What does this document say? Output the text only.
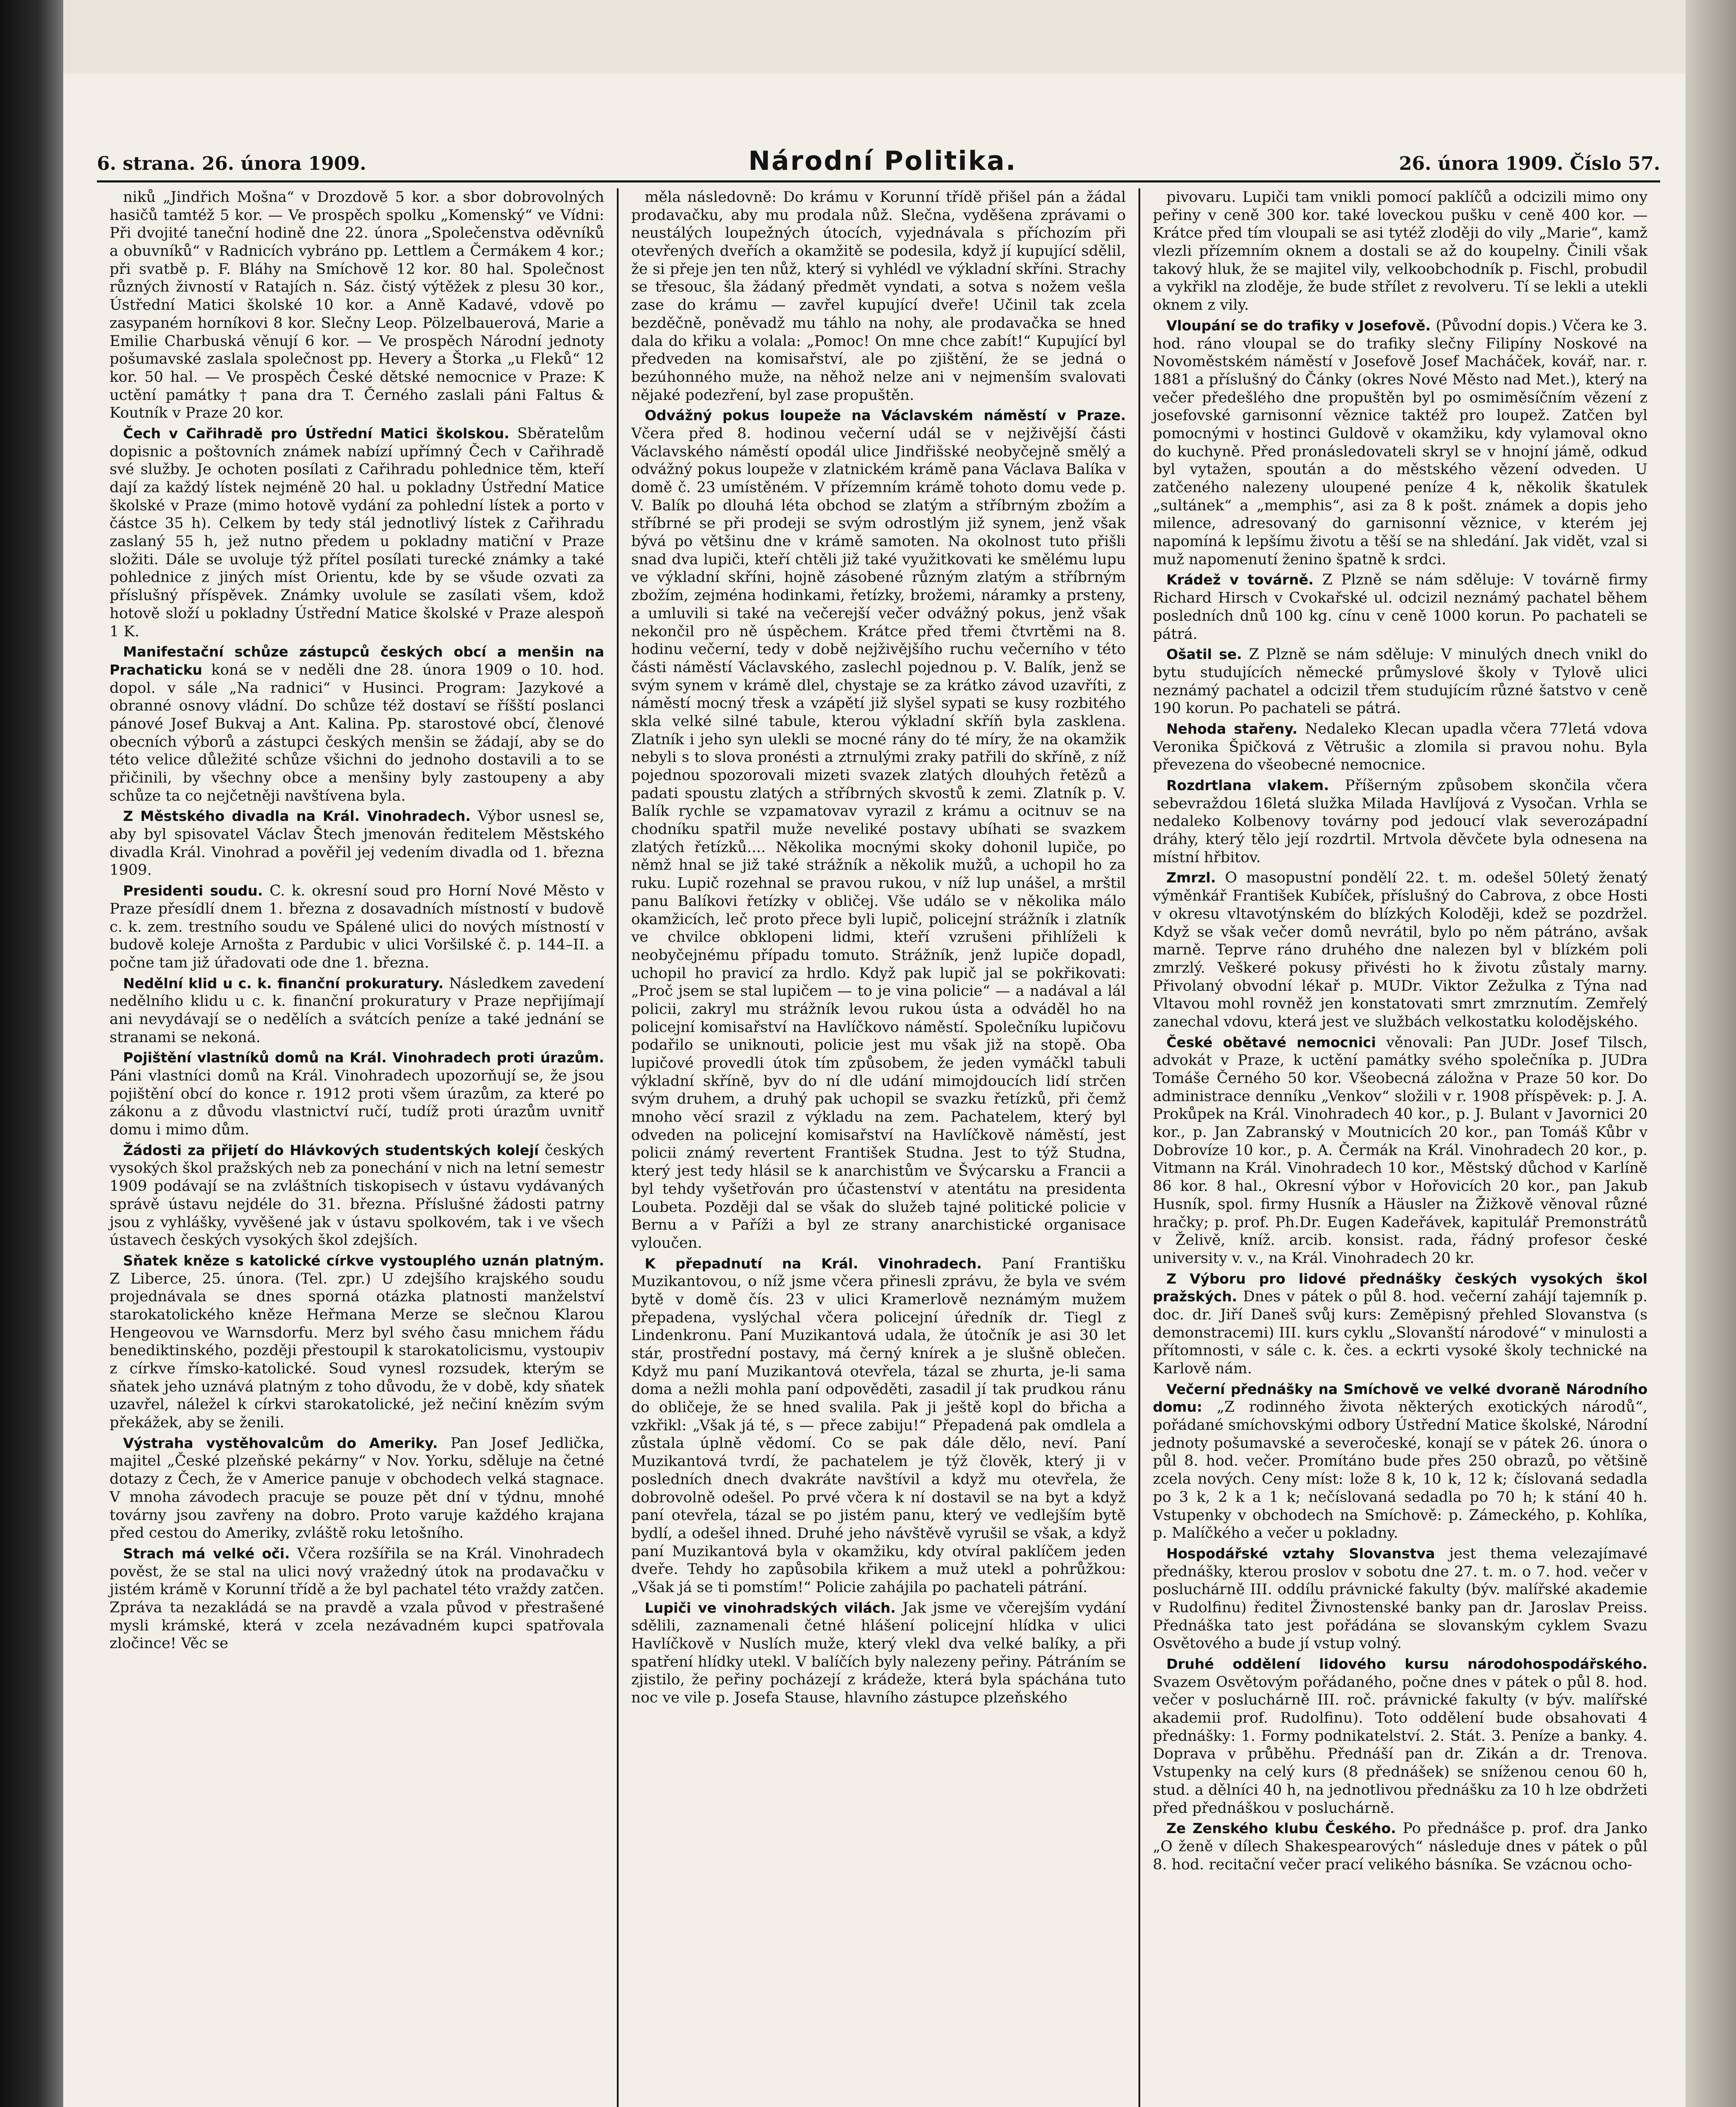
6. strana. 26. února 1909.	Národní Politika.	26. února 1909. Číslo 57.

niků „Jindřich Mošna“ v Drozdově 5 kor. a sbor dobrovolných hasičů tamtéž 5 kor. — Ve prospěch spolku „Komenský“ ve Vídni: Při dvojité taneční hodině dne 22. února „Společenstva oděvníků a obuvníků“ v Radnicích vybráno pp. Lettlem a Čermákem 4 kor.; při svatbě p. F. Bláhy na Smíchově 12 kor. 80 hal. Společnost různých živností v Ratajích n. Sáz. čistý výtěžek z plesu 30 kor., Ústřední Matici školské 10 kor. a Anně Kadavé, vdově po zasypaném horníkovi 8 kor. Slečny Leop. Pölzelbauerová, Marie a Emilie Charbuská věnují 6 kor. — Ve prospěch Národní jednoty pošumavské zaslala společnost pp. Hevery a Štorka „u Fleků“ 12 kor. 50 hal. — Ve prospěch České dětské nemocnice v Praze: K uctění památky † pana dra T. Černého zaslali páni Faltus & Koutník v Praze 20 kor.

Čech v Cařihradě pro Ústřední Matici školskou. Sběratelům dopisnic a poštovních známek nabízí upřímný Čech v Cařihradě své služby. Je ochoten posílati z Cařihradu pohlednice těm, kteří dají za každý lístek nejméně 20 hal. u pokladny Ústřední Matice školské v Praze (mimo hotově vydání za pohlední lístek a porto v částce 35 h). Celkem by tedy stál jednotlivý lístek z Cařihradu zaslaný 55 h, jež nutno předem u pokladny matiční v Praze složiti. Dále se uvoluje týž přítel posílati turecké známky a také pohlednice z jiných míst Orientu, kde by se všude ozvati za příslušný příspěvek. Známky uvolule se zasílati všem, kdož hotově složí u pokladny Ústřední Matice školské v Praze alespoň 1 K.

Manifestační schůze zástupců českých obcí a menšin na Prachaticku koná se v neděli dne 28. února 1909 o 10. hod. dopol. v sále „Na radnici“ v Husinci. Program: Jazykové a obranné osnovy vládní. Do schůze též dostaví se říšští poslanci pánové Josef Bukvaj a Ant. Kalina. Pp. starostové obcí, členové obecních výborů a zástupci českých menšin se žádají, aby se do této velice důležité schůze všichni do jednoho dostavili a to se přičinili, by všechny obce a menšiny byly zastoupeny a aby schůze ta co nejčetněji navštívena byla.

Z Městského divadla na Král. Vinohradech. Výbor usnesl se, aby byl spisovatel Václav Štech jmenován ředitelem Městského divadla Král. Vinohrad a pověřil jej vedením divadla od 1. března 1909.

Presidenti soudu. C. k. okresní soud pro Horní Nové Město v Praze přesídlí dnem 1. března z dosavadních místností v budově c. k. zem. trestního soudu ve Spálené ulici do nových místností v budově koleje Arnošta z Pardubic v ulici Voršilské č. p. 144–II. a počne tam již úřadovati ode dne 1. března.

Nedělní klid u c. k. finanční prokuratury. Následkem zavedení nedělního klidu u c. k. finanční prokuratury v Praze nepřijímají ani nevydávají se o nedělích a svátcích peníze a také jednání se stranami se nekoná.

Pojištění vlastníků domů na Král. Vinohradech proti úrazům. Páni vlastníci domů na Král. Vinohradech upozorňují se, že jsou pojištění obcí do konce r. 1912 proti všem úrazům, za které po zákonu a z důvodu vlastnictví ručí, tudíž proti úrazům uvnitř domu i mimo dům.

Žádosti za přijetí do Hlávkových studentských kolejí českých vysokých škol pražských neb za ponechání v nich na letní semestr 1909 podávají se na zvláštních tiskopisech v ústavu vydávaných správě ústavu nejdéle do 31. března. Příslušné žádosti patrny jsou z vyhlášky, vyvěšené jak v ústavu spolkovém, tak i ve všech ústavech českých vysokých škol zdejších.

Sňatek kněze s katolické církve vystouplého uznán platným. Z Liberce, 25. února. (Tel. zpr.) U zdejšího krajského soudu projednávala se dnes sporná otázka platnosti manželství starokatolického kněze Heřmana Merze se slečnou Klarou Hengeovou ve Warnsdorfu. Merz byl svého času mnichem řádu benediktinského, později přestoupil k starokatolicismu, vystoupiv z církve římsko-katolické. Soud vynesl rozsudek, kterým se sňatek jeho uznává platným z toho důvodu, že v době, kdy sňatek uzavřel, náležel k církvi starokatolické, jež nečiní knězím svým překážek, aby se ženili.

Výstraha vystěhovalcům do Ameriky. Pan Josef Jedlička, majitel „České plzeňské pekárny“ v Nov. Yorku, sděluje na četné dotazy z Čech, že v Americe panuje v obchodech velká stagnace. V mnoha závodech pracuje se pouze pět dní v týdnu, mnohé továrny jsou zavřeny na dobro. Proto varuje každého krajana před cestou do Ameriky, zvláště roku letošního.

Strach má velké oči. Včera rozšířila se na Král. Vinohradech pověst, že se stal na ulici nový vražedný útok na prodavačku v jistém krámě v Korunní třídě a že byl pachatel této vraždy zatčen. Zpráva ta nezakládá se na pravdě a vzala původ v přestrašené mysli krámské, která v zcela nezávadném kupci spatřovala zločince! Věc se

měla následovně: Do krámu v Korunní třídě přišel pán a žádal prodavačku, aby mu prodala nůž. Slečna, vyděšena zprávami o neustálých loupežných útocích, vyjednávala s příchozím při otevřených dveřích a okamžitě se podesila, když jí kupující sdělil, že si přeje jen ten nůž, který si vyhlédl ve výkladní skříni. Strachy se třesouc, šla žádaný předmět vyndati, a sotva s nožem vešla zase do krámu — zavřel kupující dveře! Učinil tak zcela bezděčně, poněvadž mu táhlo na nohy, ale prodavačka se hned dala do křiku a volala: „Pomoc! On mne chce zabít!“ Kupující byl předveden na komisařství, ale po zjištění, že se jedná o bezúhonného muže, na něhož nelze ani v nejmenším svalovati nějaké podezření, byl zase propuštěn.

Odvážný pokus loupeže na Václavském náměstí v Praze. Včera před 8. hodinou večerní udál se v nejživější části Václavského náměstí opodál ulice Jindřišské neobyčejně smělý a odvážný pokus loupeže v zlatnickém krámě pana Václava Balíka v domě č. 23 umístěném. V přízemním krámě tohoto domu vede p. V. Balík po dlouhá léta obchod se zlatým a stříbrným zbožím a stříbrné se při prodeji se svým odrostlým již synem, jenž však bývá po většinu dne v krámě samoten. Na okolnost tuto přišli snad dva lupiči, kteří chtěli již také využitkovati ke smělému lupu ve výkladní skříni, hojně zásobené různým zlatým a stříbrným zbožím, zejména hodinkami, řetízky, brožemi, náramky a prsteny, a umluvili si také na večerejší večer odvážný pokus, jenž však nekončil pro ně úspěchem. Krátce před třemi čtvrtěmi na 8. hodinu večerní, tedy v době nejživějšího ruchu večerního v této části náměstí Václavského, zaslechl pojednou p. V. Balík, jenž se svým synem v krámě dlel, chystaje se za krátko závod uzavříti, z náměstí mocný třesk a vzápětí již slyšel sypati se kusy rozbitého skla velké silné tabule, kterou výkladní skříň byla zasklena. Zlatník i jeho syn ulekli se mocné rány do té míry, že na okamžik nebyli s to slova pronésti a ztrnulými zraky patřili do skříně, z níž pojednou spozorovali mizeti svazek zlatých dlouhých řetězů a padati spoustu zlatých a stříbrných skvostů k zemi. Zlatník p. V. Balík rychle se vzpamatovav vyrazil z krámu a ocitnuv se na chodníku spatřil muže neveliké postavy ubíhati se svazkem zlatých řetízků.... Několika mocnými skoky dohonil lupiče, po němž hnal se již také strážník a několik mužů, a uchopil ho za ruku. Lupič rozehnal se pravou rukou, v níž lup unášel, a mrštil panu Balíkovi řetízky v obličej. Vše událo se v několika málo okamžicích, leč proto přece byli lupič, policejní strážník i zlatník ve chvilce obklopeni lidmi, kteří vzrušeni přihlíželi k neobyčejnému případu tomuto. Strážník, jenž lupiče dopadl, uchopil ho pravicí za hrdlo. Když pak lupič jal se pokřikovati: „Proč jsem se stal lupičem — to je vina policie“ — a nadával a lál policii, zakryl mu strážník levou rukou ústa a odváděl ho na policejní komisařství na Havlíčkovo náměstí. Společníku lupičovu podařilo se uniknouti, policie jest mu však již na stopě. Oba lupičové provedli útok tím způsobem, že jeden vymáčkl tabuli výkladní skříně, byv do ní dle udání mimojdoucích lidí strčen svým druhem, a druhý pak uchopil se svazku řetízků, při čemž mnoho věcí srazil z výkladu na zem. Pachatelem, který byl odveden na policejní komisařství na Havlíčkově náměstí, jest policii známý revertent František Studna. Jest to týž Studna, který jest tedy hlásil se k anarchistům ve Švýcarsku a Francii a byl tehdy vyšetřován pro účastenství v atentátu na presidenta Loubeta. Později dal se však do služeb tajné politické policie v Bernu a v Paříži a byl ze strany anarchistické organisace vyloučen.

K přepadnutí na Král. Vinohradech. Paní Františku Muzikantovou, o níž jsme včera přinesli zprávu, že byla ve svém bytě v domě čís. 23 v ulici Kramerlově neznámým mužem přepadena, vyslýchal včera policejní úředník dr. Tiegl z Lindenkronu. Paní Muzikantová udala, že útočník je asi 30 let stár, prostřední postavy, má černý knírek a je slušně oblečen. Když mu paní Muzikantová otevřela, tázal se zhurta, je-li sama doma a nežli mohla paní odpověděti, zasadil jí tak prudkou ránu do obličeje, že se hned svalila. Pak ji ještě kopl do břicha a vzkřikl: „Však já té, s — přece zabiju!“ Přepadená pak omdlela a zůstala úplně vědomí. Co se pak dále dělo, neví. Paní Muzikantová tvrdí, že pachatelem je týž člověk, který ji v posledních dnech dvakráte navštívil a když mu otevřela, že dobrovolně odešel. Po prvé včera k ní dostavil se na byt a když paní otevřela, tázal se po jistém panu, který ve vedlejším bytě bydlí, a odešel ihned. Druhé jeho návštěvě vyrušil se však, a když paní Muzikantová byla v okamžiku, kdy otvíral paklíčem jeden dveře. Tehdy ho zapůsobila křikem a muž utekl a pohrůžkou: „Však já se ti pomstím!“ Policie zahájila po pachateli pátrání.

Lupiči ve vinohradských vilách. Jak jsme ve včerejším vydání sdělili, zaznamenali četné hlášení policejní hlídka v ulici Havlíčkově v Nuslích muže, který vlekl dva velké balíky, a při spatření hlídky utekl. V balíčích byly nalezeny peřiny. Pátráním se zjistilo, že peřiny pocházejí z krádeže, která byla spáchána tuto noc ve vile p. Josefa Stause, hlavního zástupce plzeňského

pivovaru. Lupiči tam vnikli pomocí paklíčů a odcizili mimo ony peřiny v ceně 300 kor. také loveckou pušku v ceně 400 kor. — Krátce před tím vloupali se asi tytéž zloději do vily „Marie“, kamž vlezli přízemním oknem a dostali se až do koupelny. Činili však takový hluk, že se majitel vily, velkoobchodník p. Fischl, probudil a vykřikl na zloděje, že bude střílet z revolveru. Tí se lekli a utekli oknem z vily.

Vloupání se do trafiky v Josefově. (Původní dopis.) Včera ke 3. hod. ráno vloupal se do trafiky slečny Filipíny Noskové na Novoměstském náměstí v Josefově Josef Macháček, kovář, nar. r. 1881 a příslušný do Čánky (okres Nové Město nad Met.), který na večer předešlého dne propuštěn byl po osmiměsíčním vězení z josefovské garnisonní věznice taktéž pro loupež. Zatčen byl pomocnými v hostinci Guldově v okamžiku, kdy vylamoval okno do kuchyně. Před pronásledovateli skryl se v hnojní jámě, odkud byl vytažen, spoután a do městského vězení odveden. U zatčeného nalezeny uloupené peníze 4 k, několik škatulek „sultánek“ a „memphis“, asi za 8 k pošt. známek a dopis jeho milence, adresovaný do garnisonní věznice, v kterém jej napomíná k lepšímu životu a těší se na shledání. Jak vidět, vzal si muž napomenutí ženino špatně k srdci.

Krádež v továrně. Z Plzně se nám sděluje: V továrně firmy Richard Hirsch v Cvokařské ul. odcizil neznámý pachatel během posledních dnů 100 kg. cínu v ceně 1000 korun. Po pachateli se pátrá.

Ošatil se. Z Plzně se nám sděluje: V minulých dnech vnikl do bytu studujících německé průmyslové školy v Tylově ulici neznámý pachatel a odcizil třem studujícím různé šatstvo v ceně 190 korun. Po pachateli se pátrá.

Nehoda stařeny. Nedaleko Klecan upadla včera 77letá vdova Veronika Špičková z Větrušic a zlomila si pravou nohu. Byla převezena do všeobecné nemocnice.

Rozdrtlana vlakem. Příšerným způsobem skončila včera sebevraždou 16letá služka Milada Havlíjová z Vysočan. Vrhla se nedaleko Kolbenovy továrny pod jedoucí vlak severozápadní dráhy, který tělo její rozdrtil. Mrtvola děvčete byla odnesena na místní hřbitov.

Zmrzl. O masopustní pondělí 22. t. m. odešel 50letý ženatý výměnkář František Kubíček, příslušný do Cabrova, z obce Hosti v okresu vltavotýnském do blízkých Koloději, kdež se pozdržel. Když se však večer domů nevrátil, bylo po něm pátráno, avšak marně. Teprve ráno druhého dne nalezen byl v blízkém poli zmrzlý. Veškeré pokusy přivésti ho k životu zůstaly marny. Přivolaný obvodní lékař p. MUDr. Viktor Zežulka z Týna nad Vltavou mohl rovněž jen konstatovati smrt zmrznutím. Zemřelý zanechal vdovu, která jest ve službách velkostatku kolodějského.

České obětavé nemocnici věnovali: Pan JUDr. Josef Tilsch, advokát v Praze, k uctění památky svého společníka p. JUDra Tomáše Černého 50 kor. Všeobecná záložna v Praze 50 kor. Do administrace denníku „Venkov“ složili v r. 1908 příspěvek: p. J. A. Prokůpek na Král. Vinohradech 40 kor., p. J. Bulant v Javornici 20 kor., p. Jan Zabranský v Moutnicích 20 kor., pan Tomáš Kůbr v Dobrovíze 10 kor., p. A. Čermák na Král. Vinohradech 20 kor., p. Vitmann na Král. Vinohradech 10 kor., Městský důchod v Karlíně 86 kor. 8 hal., Okresní výbor v Hořovicích 20 kor., pan Jakub Husník, spol. firmy Husník a Häusler na Žižkově věnoval různé hračky; p. prof. Ph.Dr. Eugen Kadeřávek, kapitulář Premonstrátů v Želivě, kníž. arcib. konsist. rada, řádný profesor české university v. v., na Král. Vinohradech 20 kr.

Z Výboru pro lidové přednášky českých vysokých škol pražských. Dnes v pátek o půl 8. hod. večerní zahájí tajemník p. doc. dr. Jiří Daneš svůj kurs: Zeměpisný přehled Slovanstva (s demonstracemi) III. kurs cyklu „Slovanští národové“ v minulosti a přítomnosti, v sále c. k. čes. a eckrti vysoké školy technické na Karlově nám.

Večerní přednášky na Smíchově ve velké dvoraně Národního domu: „Z rodinného života některých exotických národů“, pořádané smíchovskými odbory Ústřední Matice školské, Národní jednoty pošumavské a severočeské, konají se v pátek 26. února o půl 8. hod. večer. Promítáno bude přes 250 obrazů, po většině zcela nových. Ceny míst: lože 8 k, 10 k, 12 k; číslovaná sedadla po 3 k, 2 k a 1 k; nečíslovaná sedadla po 70 h; k stání 40 h. Vstupenky v obchodech na Smíchově: p. Zámeckého, p. Kohlíka, p. Malíčkého a večer u pokladny.

Hospodářské vztahy Slovanstva jest thema velezajímavé přednášky, kterou proslov v sobotu dne 27. t. m. o 7. hod. večer v posluchárně III. oddílu právnické fakulty (býv. malířské akademie v Rudolfinu) ředitel Živnostenské banky pan dr. Jaroslav Preiss. Přednáška tato jest pořádána se slovanským cyklem Svazu Osvětového a bude jí vstup volný.

Druhé oddělení lidového kursu národohospodářského. Svazem Osvětovým pořádaného, počne dnes v pátek o půl 8. hod. večer v posluchárně III. roč. právnické fakulty (v býv. malířské akademii prof. Rudolfinu). Toto oddělení bude obsahovati 4 přednášky: 1. Formy podnikatelství. 2. Stát. 3. Peníze a banky. 4. Doprava v průběhu. Přednáší pan dr. Zikán a dr. Trenova. Vstupenky na celý kurs (8 přednášek) se sníženou cenou 60 h, stud. a dělníci 40 h, na jednotlivou přednášku za 10 h lze obdržeti před přednáškou v posluchárně.

Ze Zenského klubu Českého. Po přednášce p. prof. dra Janko „O ženě v dílech Shakespearových“ následuje dnes v pátek o půl 8. hod. recitační večer prací velikého básníka. Se vzácnou ocho-
